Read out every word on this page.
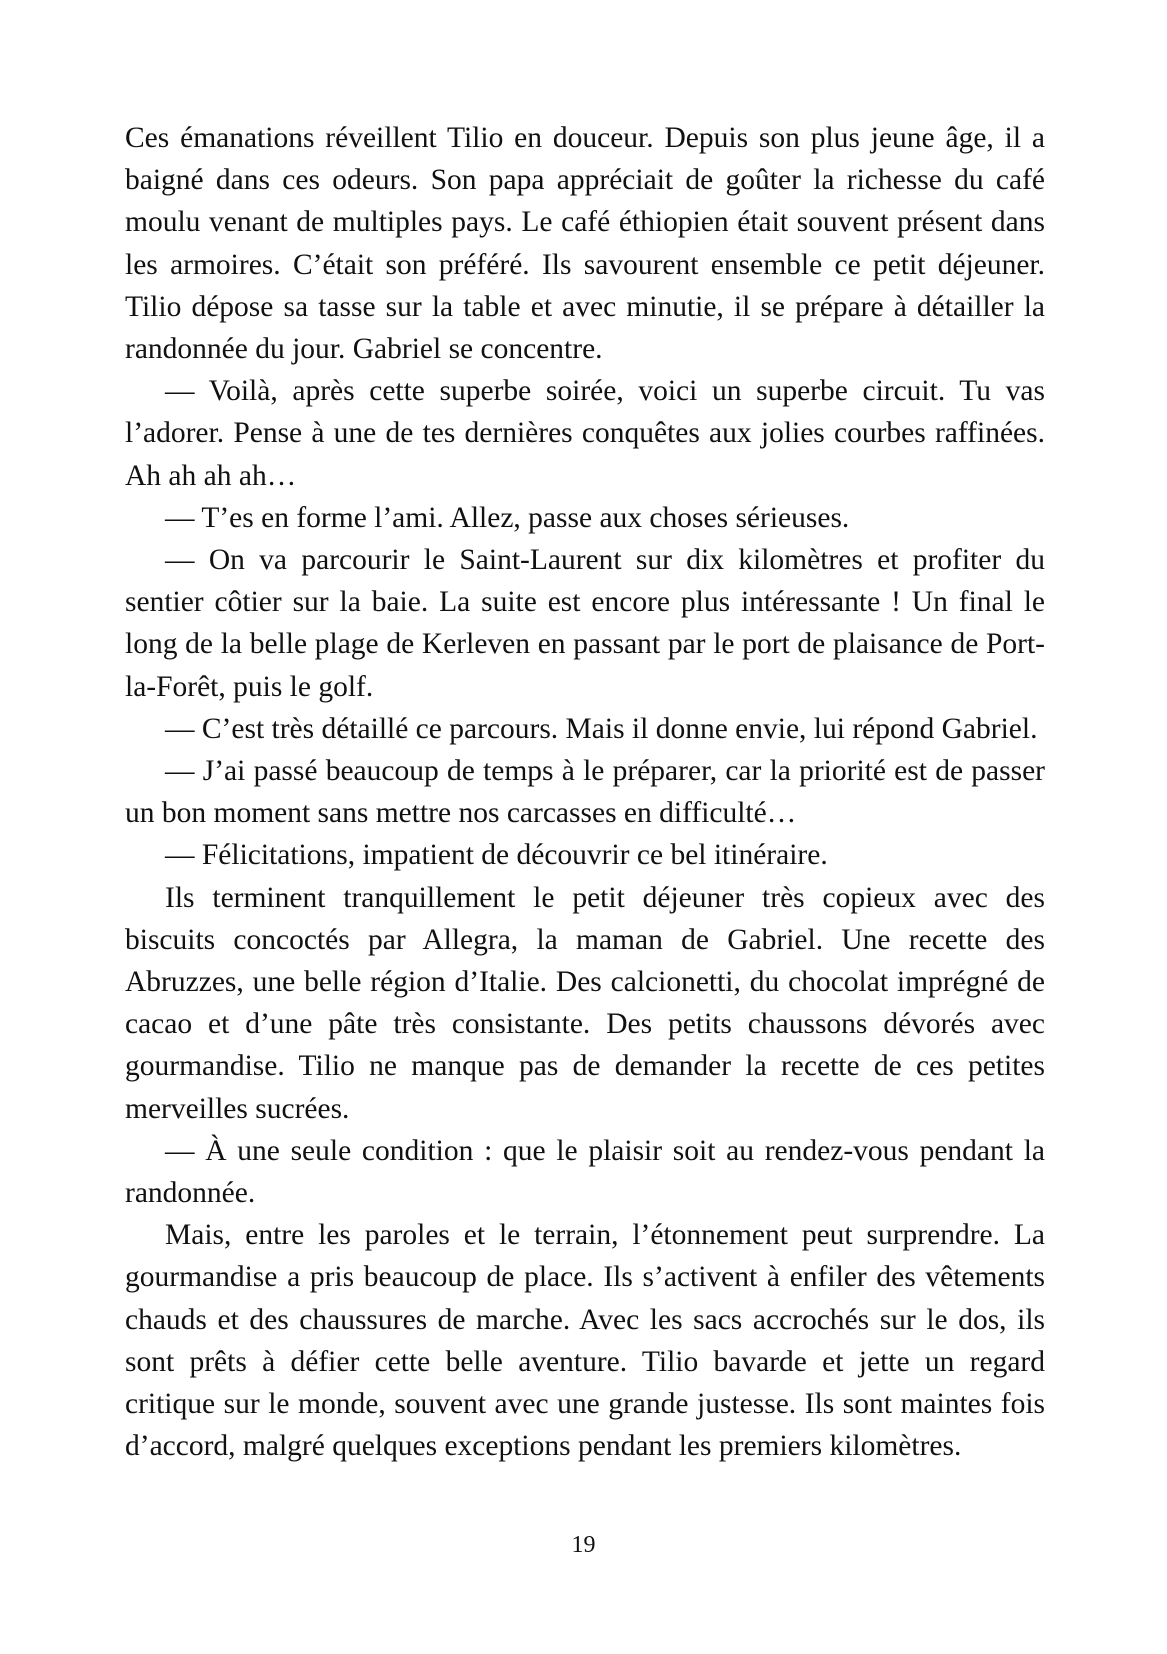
Ces émanations réveillent Tilio en douceur. Depuis son plus jeune âge, il a baigné dans ces odeurs. Son papa appréciait de goûter la richesse du café moulu venant de multiples pays. Le café éthiopien était souvent présent dans les armoires. C’était son préféré. Ils savourent ensemble ce petit déjeuner. Tilio dépose sa tasse sur la table et avec minutie, il se prépare à détailler la randonnée du jour. Gabriel se concentre.

— Voilà, après cette superbe soirée, voici un superbe circuit. Tu vas l’adorer. Pense à une de tes dernières conquêtes aux jolies courbes raffinées. Ah ah ah ah…

— T’es en forme l’ami. Allez, passe aux choses sérieuses.

— On va parcourir le Saint-Laurent sur dix kilomètres et profiter du sentier côtier sur la baie. La suite est encore plus intéressante ! Un final le long de la belle plage de Kerleven en passant par le port de plaisance de Port-la-Forêt, puis le golf.

— C’est très détaillé ce parcours. Mais il donne envie, lui répond Gabriel.

— J’ai passé beaucoup de temps à le préparer, car la priorité est de passer un bon moment sans mettre nos carcasses en difficulté…

— Félicitations, impatient de découvrir ce bel itinéraire.

Ils terminent tranquillement le petit déjeuner très copieux avec des biscuits concoctés par Allegra, la maman de Gabriel. Une recette des Abruzzes, une belle région d’Italie. Des calcionetti, du chocolat imprégné de cacao et d’une pâte très consistante. Des petits chaussons dévorés avec gourmandise. Tilio ne manque pas de demander la recette de ces petites merveilles sucrées.

— À une seule condition : que le plaisir soit au rendez-vous pendant la randonnée.

Mais, entre les paroles et le terrain, l’étonnement peut surprendre. La gourmandise a pris beaucoup de place. Ils s’activent à enfiler des vêtements chauds et des chaussures de marche. Avec les sacs accrochés sur le dos, ils sont prêts à défier cette belle aventure. Tilio bavarde et jette un regard critique sur le monde, souvent avec une grande justesse. Ils sont maintes fois d’accord, malgré quelques exceptions pendant les premiers kilomètres.

19
